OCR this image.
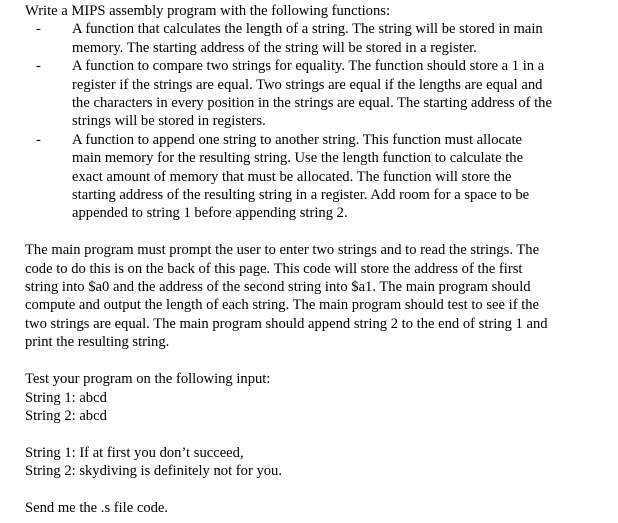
Write a MIPS assembly program with the following functions:
- A function that calculates the length of a string. The string will be stored in main
memory. The starting address of the string will be stored in a register.
- A function to compare two strings for equality. The function should store a 1 in a
register if the strings are equal. Two strings are equal if the lengths are equal and
the characters in every position in the strings are equal. The starting address of the
strings will be stored in registers.
- A function to append one string to another string. This function must allocate
main memory for the resulting string. Use the length function to calculate the
exact amount of memory that must be allocated. The function will store the
starting address of the resulting string in a register. Add room for a space to be
appended to string 1 before appending string 2.
The main program must prompt the user to enter two strings and to read the strings. The
code to do this is on the back of this page. This code will store the address of the first
string into $a0 and the address of the second string into $a1. The main program should
compute and output the length of each string. The main program should test to see if the
two strings are equal. The main program should append string 2 to the end of string 1 and
print the resulting string.
Test your program on the following input:
String 1: abcd
String 2: abcd
String 1: If at first you don’t succeed,
String 2: skydiving is definitely not for you.
Send me the .s file code.
